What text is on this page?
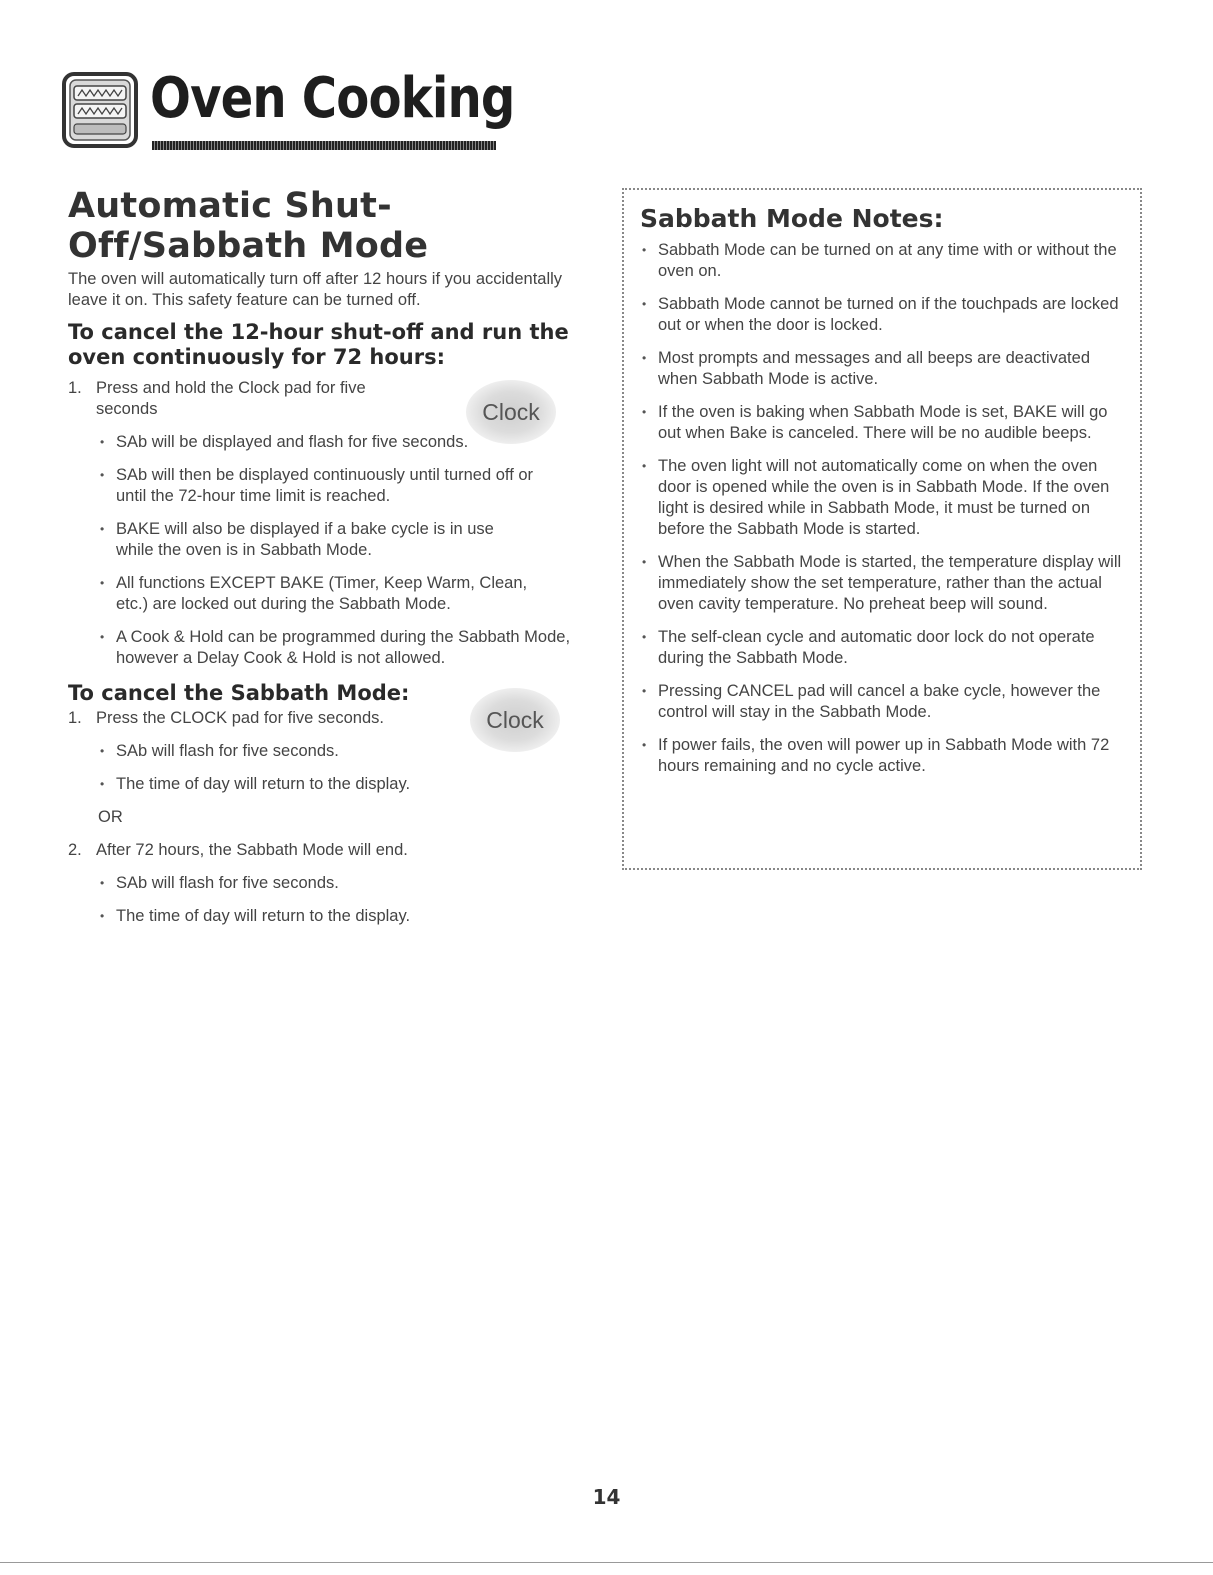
Oven Cooking
Automatic Shut-Off/Sabbath Mode

The oven will automatically turn off after 12 hours if you accidentally leave it on. This safety feature can be turned off.

To cancel the 12-hour shut-off and run the oven continuously for 72 hours:
1. Press and hold the Clock pad for five seconds	Clock
• SAb will be displayed and flash for five seconds.
• SAb will then be displayed continuously until turned off or until the 72-hour time limit is reached.
• BAKE will also be displayed if a bake cycle is in use while the oven is in Sabbath Mode.
• All functions EXCEPT BAKE (Timer, Keep Warm, Clean, etc.) are locked out during the Sabbath Mode.
• A Cook & Hold can be programmed during the Sabbath Mode, however a Delay Cook & Hold is not allowed.
To cancel the Sabbath Mode:
1. Press the CLOCK pad for five seconds.	Clock
• SAb will flash for five seconds.
• The time of day will return to the display.
OR
2. After 72 hours, the Sabbath Mode will end.
• SAb will flash for five seconds.
• The time of day will return to the display.
Sabbath Mode Notes:
• Sabbath Mode can be turned on at any time with or without the oven on.
• Sabbath Mode cannot be turned on if the touchpads are locked out or when the door is locked.
• Most prompts and messages and all beeps are deactivated when Sabbath Mode is active.
• If the oven is baking when Sabbath Mode is set, BAKE will go out when Bake is canceled. There will be no audible beeps.
• The oven light will not automatically come on when the oven door is opened while the oven is in Sabbath Mode. If the oven light is desired while in Sabbath Mode, it must be turned on before the Sabbath Mode is started.
• When the Sabbath Mode is started, the temperature display will immediately show the set temperature, rather than the actual oven cavity temperature. No preheat beep will sound.
• The self-clean cycle and automatic door lock do not operate during the Sabbath Mode.
• Pressing CANCEL pad will cancel a bake cycle, however the control will stay in the Sabbath Mode.
• If power fails, the oven will power up in Sabbath Mode with 72 hours remaining and no cycle active.
14
